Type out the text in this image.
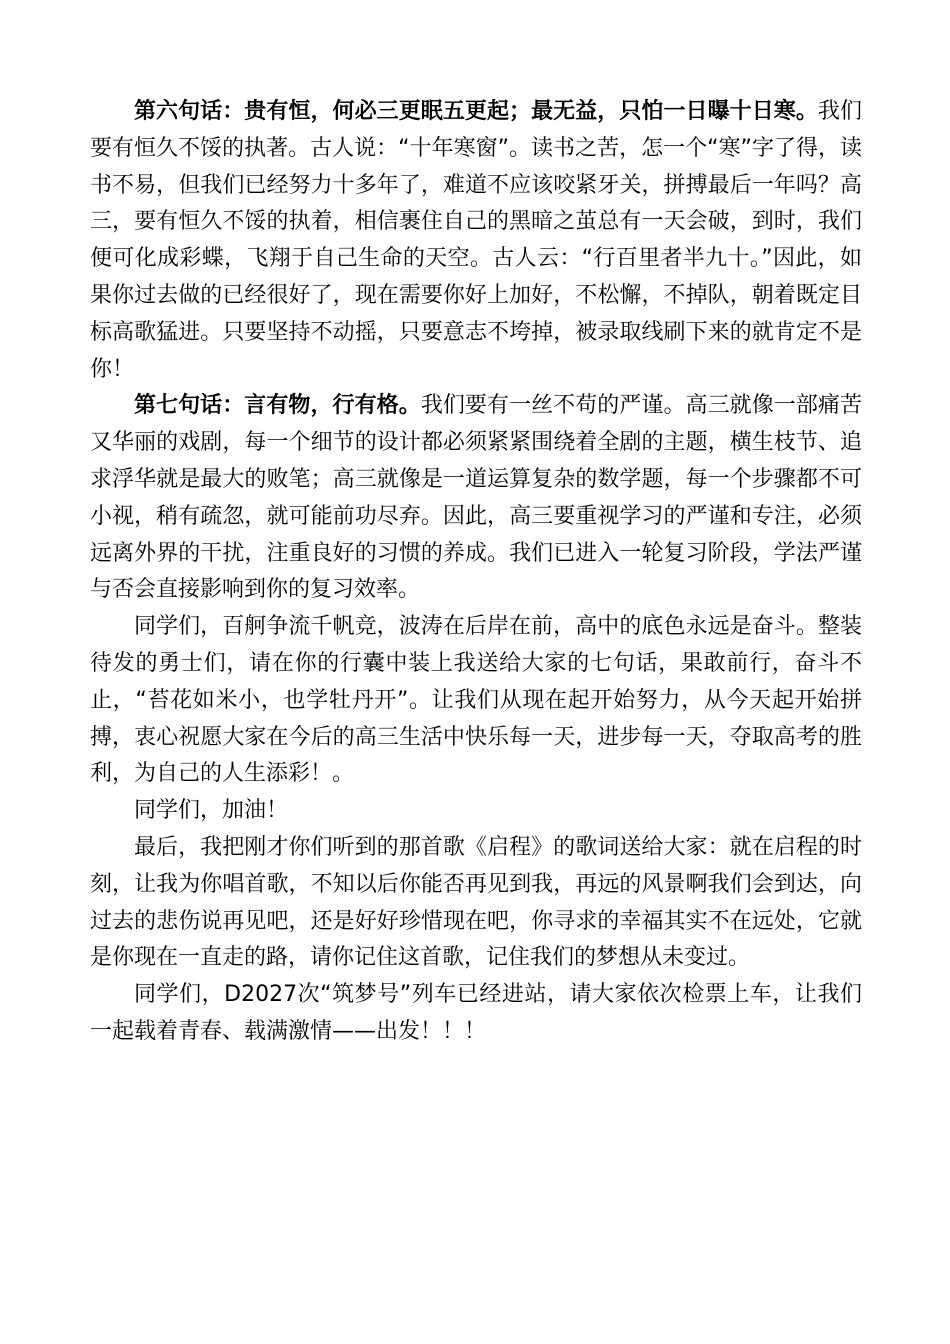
第六句话：贵有恒，何必三更眠五更起；最无益，只怕一日曝十日寒。我们要有恒久不馁的执著。古人说：“十年寒窗”。读书之苦，怎一个“寒”字了得，读书不易，但我们已经努力十多年了，难道不应该咬紧牙关，拼搏最后一年吗？高三，要有恒久不馁的执着，相信裹住自己的黑暗之茧总有一天会破，到时，我们便可化成彩蝶，飞翔于自己生命的天空。古人云：“行百里者半九十。”因此，如果你过去做的已经很好了，现在需要你好上加好，不松懈，不掉队，朝着既定目标高歌猛进。只要坚持不动摇，只要意志不垮掉，被录取线刷下来的就肯定不是你！

第七句话：言有物，行有格。我们要有一丝不苟的严谨。高三就像一部痛苦又华丽的戏剧，每一个细节的设计都必须紧紧围绕着全剧的主题，横生枝节、追求浮华就是最大的败笔；高三就像是一道运算复杂的数学题，每一个步骤都不可小视，稍有疏忽，就可能前功尽弃。因此，高三要重视学习的严谨和专注，必须远离外界的干扰，注重良好的习惯的养成。我们已进入一轮复习阶段，学法严谨与否会直接影响到你的复习效率。

同学们，百舸争流千帆竞，波涛在后岸在前，高中的底色永远是奋斗。整装待发的勇士们，请在你的行囊中装上我送给大家的七句话，果敢前行，奋斗不止，“苔花如米小，也学牡丹开”。让我们从现在起开始努力，从今天起开始拼搏，衷心祝愿大家在今后的高三生活中快乐每一天，进步每一天，夺取高考的胜利，为自己的人生添彩！。

同学们，加油！

最后，我把刚才你们听到的那首歌《启程》的歌词送给大家：就在启程的时刻，让我为你唱首歌，不知以后你能否再见到我，再远的风景啊我们会到达，向过去的悲伤说再见吧，还是好好珍惜现在吧，你寻求的幸福其实不在远处，它就是你现在一直走的路，请你记住这首歌，记住我们的梦想从未变过。

同学们，D2027次“筑梦号”列车已经进站，请大家依次检票上车，让我们一起载着青春、载满激情——出发！！！
